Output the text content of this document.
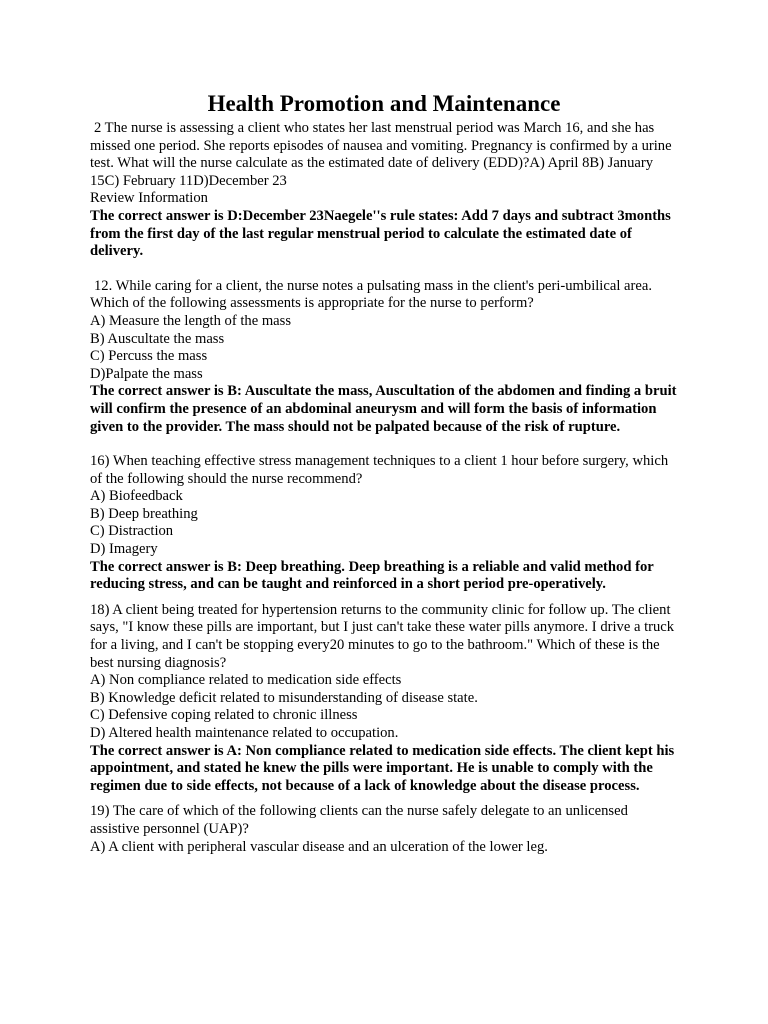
Health Promotion and Maintenance

2 The nurse is assessing a client who states her last menstrual period was March 16, and she has missed one period. She reports episodes of nausea and vomiting. Pregnancy is confirmed by a urine test. What will the nurse calculate as the estimated date of delivery (EDD)?A) April 8B) January 15C) February 11D)December 23

Review Information

The correct answer is D:December 23Naegele''s rule states: Add 7 days and subtract 3months from the first day of the last regular menstrual period to calculate the estimated date of delivery.

12. While caring for a client, the nurse notes a pulsating mass in the client's peri-umbilical area. Which of the following assessments is appropriate for the nurse to perform?

A) Measure the length of the mass

B) Auscultate the mass

C) Percuss the mass

D)Palpate the mass

The correct answer is B: Auscultate the mass, Auscultation of the abdomen and finding a bruit will confirm the presence of an abdominal aneurysm and will form the basis of information given to the provider. The mass should not be palpated because of the risk of rupture.

16) When teaching effective stress management techniques to a client 1 hour before surgery, which of the following should the nurse recommend?

A) Biofeedback

B) Deep breathing

C) Distraction

D) Imagery

The correct answer is B: Deep breathing. Deep breathing is a reliable and valid method for reducing stress, and can be taught and reinforced in a short period pre-operatively.

18) A client being treated for hypertension returns to the community clinic for follow up. The client says, "I know these pills are important, but I just can't take these water pills anymore. I drive a truck for a living, and I can't be stopping every20 minutes to go to the bathroom." Which of these is the best nursing diagnosis?

A) Non compliance related to medication side effects

B) Knowledge deficit related to misunderstanding of disease state.

C) Defensive coping related to chronic illness

D) Altered health maintenance related to occupation.

The correct answer is A: Non compliance related to medication side effects. The client kept his appointment, and stated he knew the pills were important. He is unable to comply with the regimen due to side effects, not because of a lack of knowledge about the disease process.

19) The care of which of the following clients can the nurse safely delegate to an unlicensed assistive personnel (UAP)?

A) A client with peripheral vascular disease and an ulceration of the lower leg.
